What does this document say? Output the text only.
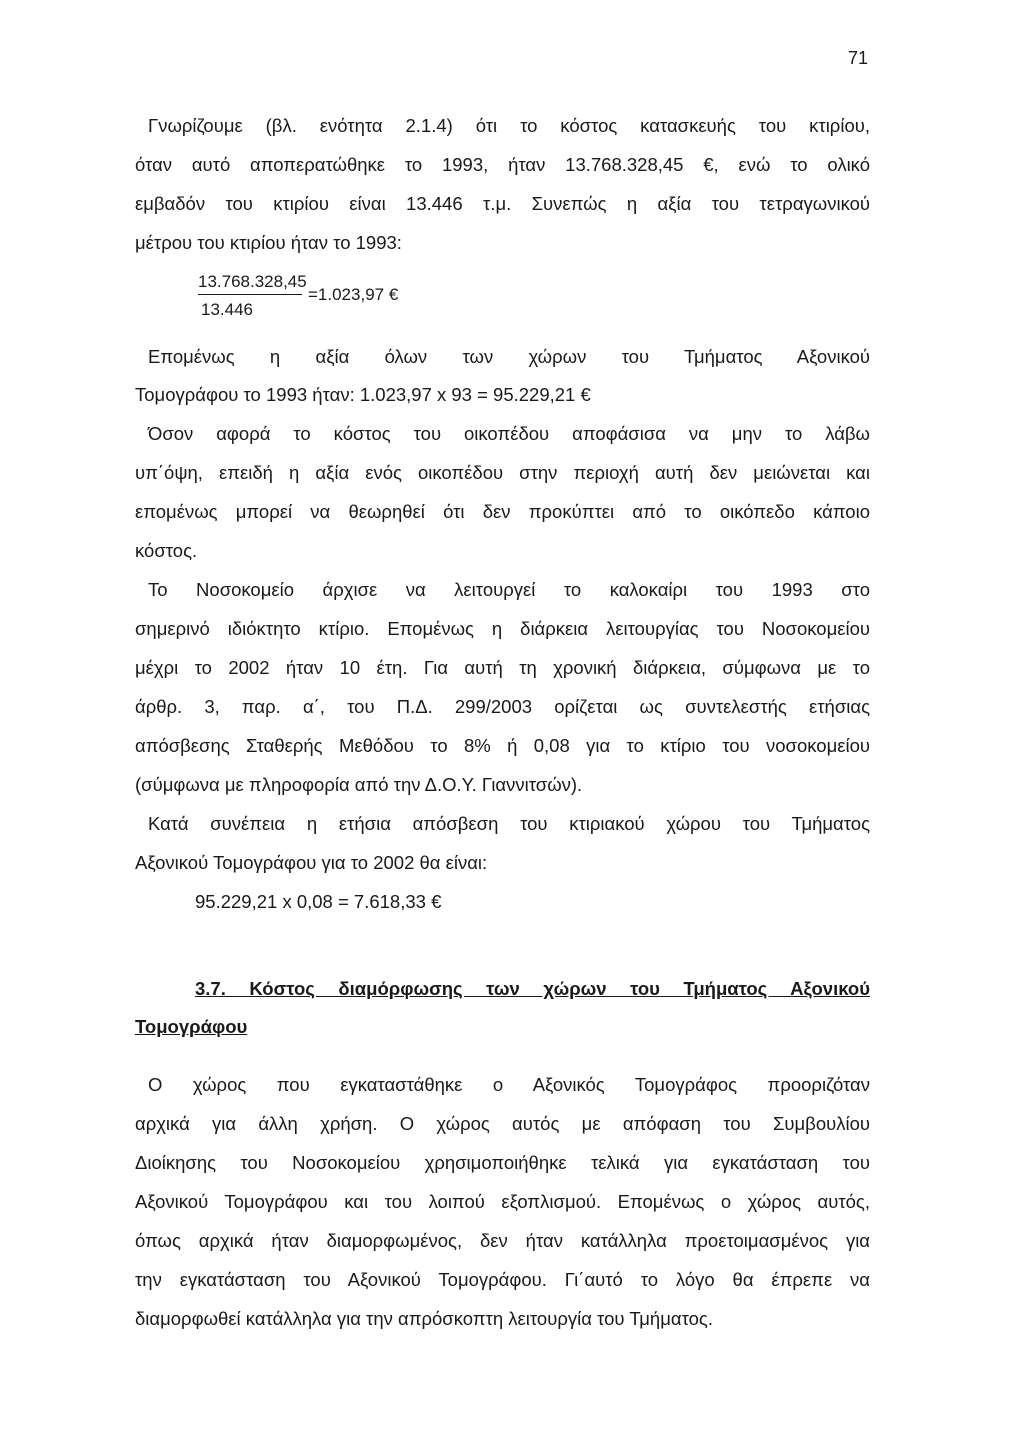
71
Γνωρίζουμε (βλ. ενότητα 2.1.4) ότι το κόστος κατασκευής του κτιρίου,
όταν αυτό αποπερατώθηκε το 1993, ήταν 13.768.328,45 €, ενώ το ολικό
εμβαδόν του κτιρίου είναι 13.446 τ.μ. Συνεπώς η αξία του τετραγωνικού
μέτρου του κτιρίου ήταν το 1993:
13.768.328,45
13.446
=1.023,97 €
Επομένως η αξία όλων των χώρων του Τμήματος Αξονικού
Τομογράφου το 1993 ήταν: 1.023,97 x 93 = 95.229,21 €
Όσον αφορά το κόστος του οικοπέδου αποφάσισα να μην το λάβω
υπ΄όψη, επειδή η αξία ενός οικοπέδου στην περιοχή αυτή δεν μειώνεται και
επομένως μπορεί να θεωρηθεί ότι δεν προκύπτει από το οικόπεδο κάποιο
κόστος.
Το Νοσοκομείο άρχισε να λειτουργεί το καλοκαίρι του 1993 στο
σημερινό ιδιόκτητο κτίριο. Επομένως η διάρκεια λειτουργίας του Νοσοκομείου
μέχρι το 2002 ήταν 10 έτη. Για αυτή τη χρονική διάρκεια, σύμφωνα με το
άρθρ. 3, παρ. α΄, του Π.Δ. 299/2003 ορίζεται ως συντελεστής ετήσιας
απόσβεσης Σταθερής Μεθόδου το 8% ή 0,08 για το κτίριο του νοσοκομείου
(σύμφωνα με πληροφορία από την Δ.Ο.Υ. Γιαννιτσών).
Κατά συνέπεια η ετήσια απόσβεση του κτιριακού χώρου του Τμήματος
Αξονικού Τομογράφου για το 2002 θα είναι:
95.229,21 x 0,08 = 7.618,33 €
3.7. Κόστος διαμόρφωσης των χώρων του Τμήματος Αξονικού
Τομογράφου
Ο χώρος που εγκαταστάθηκε ο Αξονικός Τομογράφος προοριζόταν
αρχικά για άλλη χρήση. Ο χώρος αυτός με απόφαση του Συμβουλίου
Διοίκησης του Νοσοκομείου χρησιμοποιήθηκε τελικά για εγκατάσταση του
Αξονικού Τομογράφου και του λοιπού εξοπλισμού. Επομένως ο χώρος αυτός,
όπως αρχικά ήταν διαμορφωμένος, δεν ήταν κατάλληλα προετοιμασμένος για
την εγκατάσταση του Αξονικού Τομογράφου. Γι΄αυτό το λόγο θα έπρεπε να
διαμορφωθεί κατάλληλα για την απρόσκοπτη λειτουργία του Τμήματος.
